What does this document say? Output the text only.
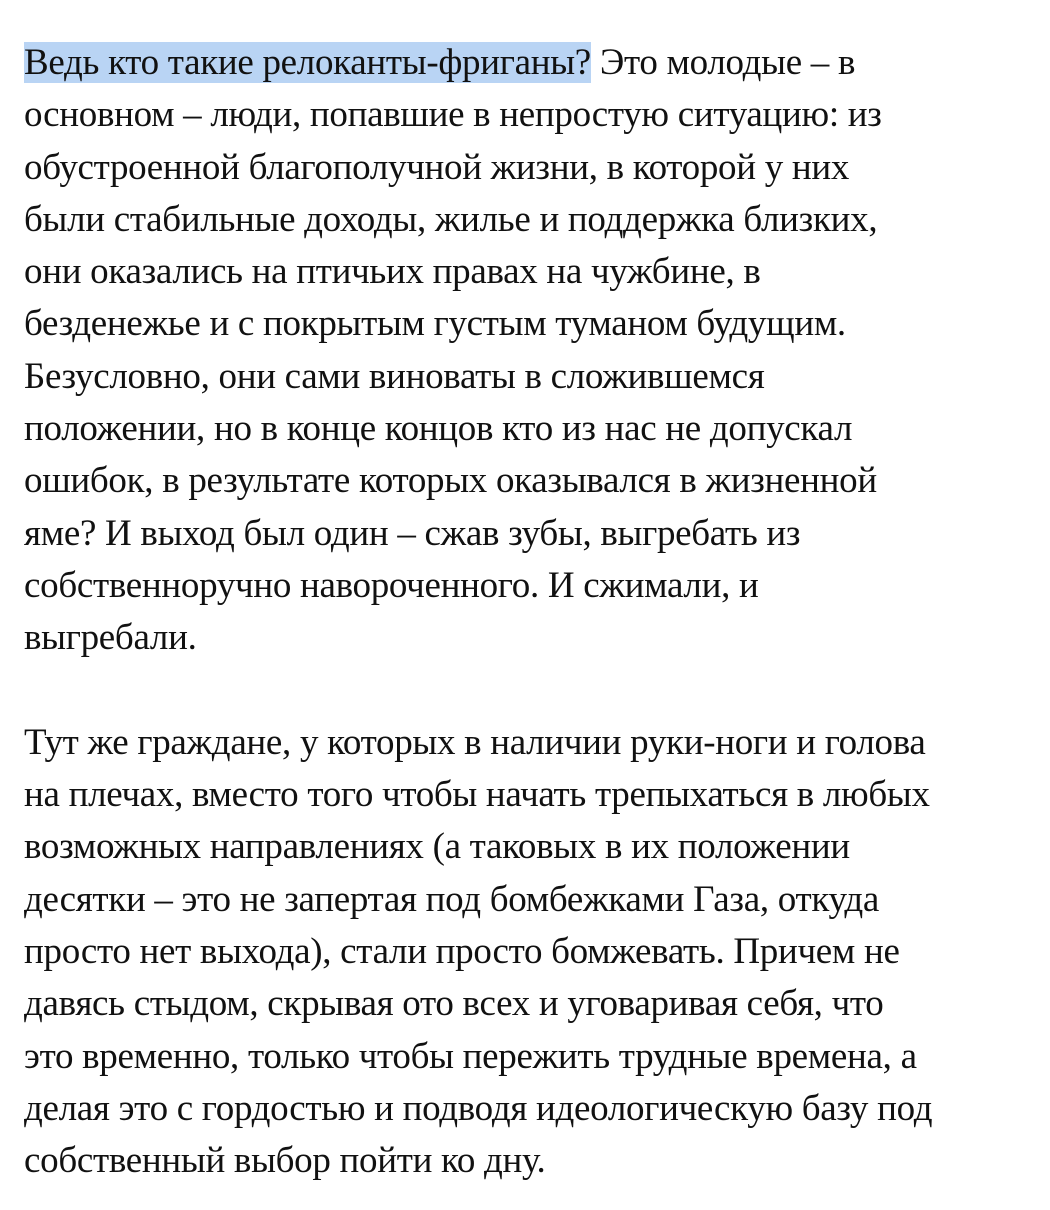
Ведь кто такие релоканты-фриганы? Это молодые – в
основном – люди, попавшие в непростую ситуацию: из
обустроенной благополучной жизни, в которой у них
были стабильные доходы, жилье и поддержка близких,
они оказались на птичьих правах на чужбине, в
безденежье и с покрытым густым туманом будущим.
Безусловно, они сами виноваты в сложившемся
положении, но в конце концов кто из нас не допускал
ошибок, в результате которых оказывался в жизненной
яме? И выход был один – сжав зубы, выгребать из
собственноручно навороченного. И сжимали, и
выгребали.

Тут же граждане, у которых в наличии руки-ноги и голова
на плечах, вместо того чтобы начать трепыхаться в любых
возможных направлениях (а таковых в их положении
десятки – это не запертая под бомбежками Газа, откуда
просто нет выхода), стали просто бомжевать. Причем не
давясь стыдом, скрывая ото всех и уговаривая себя, что
это временно, только чтобы пережить трудные времена, а
делая это с гордостью и подводя идеологическую базу под
собственный выбор пойти ко дну.
